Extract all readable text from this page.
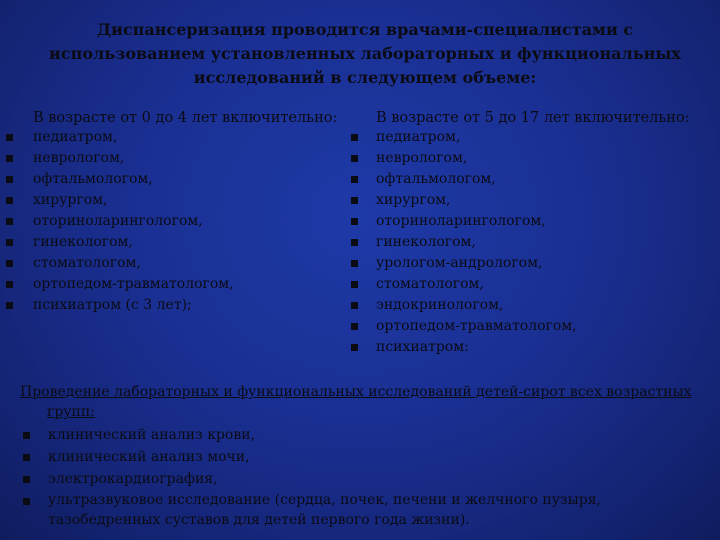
Диспансеризация проводится врачами-специалистами с использованием установленных лабораторных и функциональных исследований в следующем объеме:
В возрасте от 0 до 4 лет включительно:
педиатром,
неврологом,
офтальмологом,
хирургом,
оториноларингологом,
гинекологом,
стоматологом,
ортопедом-травматологом,
психиатром (с 3 лет);
В возрасте от 5 до 17 лет включительно:
педиатром,
неврологом,
офтальмологом,
хирургом,
оториноларингологом,
гинекологом,
урологом-андрологом,
стоматологом,
эндокринологом,
ортопедом-травматологом,
психиатром:
Проведение лабораторных и функциональных исследований детей-сирот всех возрастных
групп:
клинический анализ крови,
клинический анализ мочи,
электрокардиография,
ультразвуковое исследование (сердца, почек, печени и желчного пузыря, тазобедренных суставов для детей первого года жизни).
